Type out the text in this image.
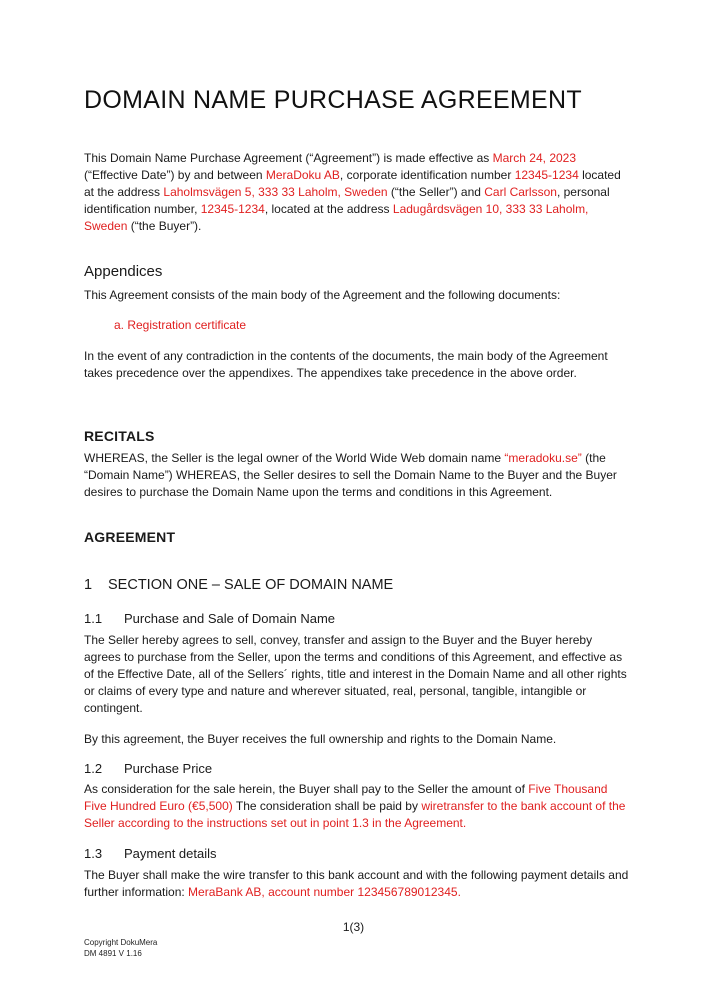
DOMAIN NAME PURCHASE AGREEMENT

This Domain Name Purchase Agreement (“Agreement”) is made effective as March 24, 2023 (“Effective Date”) by and between MeraDoku AB, corporate identification number 12345-1234 located at the address Laholmsvägen 5, 333 33 Laholm, Sweden (“the Seller”) and Carl Carlsson, personal identification number, 12345-1234, located at the address Ladugårdsvägen 10, 333 33 Laholm, Sweden (“the Buyer”).

Appendices

This Agreement consists of the main body of the Agreement and the following documents:

a. Registration certificate

In the event of any contradiction in the contents of the documents, the main body of the Agreement takes precedence over the appendixes. The appendixes take precedence in the above order.

RECITALS

WHEREAS, the Seller is the legal owner of the World Wide Web domain name “meradoku.se” (the “Domain Name”) WHEREAS, the Seller desires to sell the Domain Name to the Buyer and the Buyer desires to purchase the Domain Name upon the terms and conditions in this Agreement.

AGREEMENT
1 SECTION ONE – SALE OF DOMAIN NAME
1.1 Purchase and Sale of Domain Name

The Seller hereby agrees to sell, convey, transfer and assign to the Buyer and the Buyer hereby agrees to purchase from the Seller, upon the terms and conditions of this Agreement, and effective as of the Effective Date, all of the Sellers´ rights, title and interest in the Domain Name and all other rights or claims of every type and nature and wherever situated, real, personal, tangible, intangible or contingent.

By this agreement, the Buyer receives the full ownership and rights to the Domain Name.

1.2 Purchase Price

As consideration for the sale herein, the Buyer shall pay to the Seller the amount of Five Thousand Five Hundred Euro (€5,500) The consideration shall be paid by wiretransfer to the bank account of the Seller according to the instructions set out in point 1.3 in the Agreement.

1.3 Payment details

The Buyer shall make the wire transfer to this bank account and with the following payment details and further information: MeraBank AB, account number 123456789012345.

1(3)

Copyright DokuMera

DM 4891 V 1.16
